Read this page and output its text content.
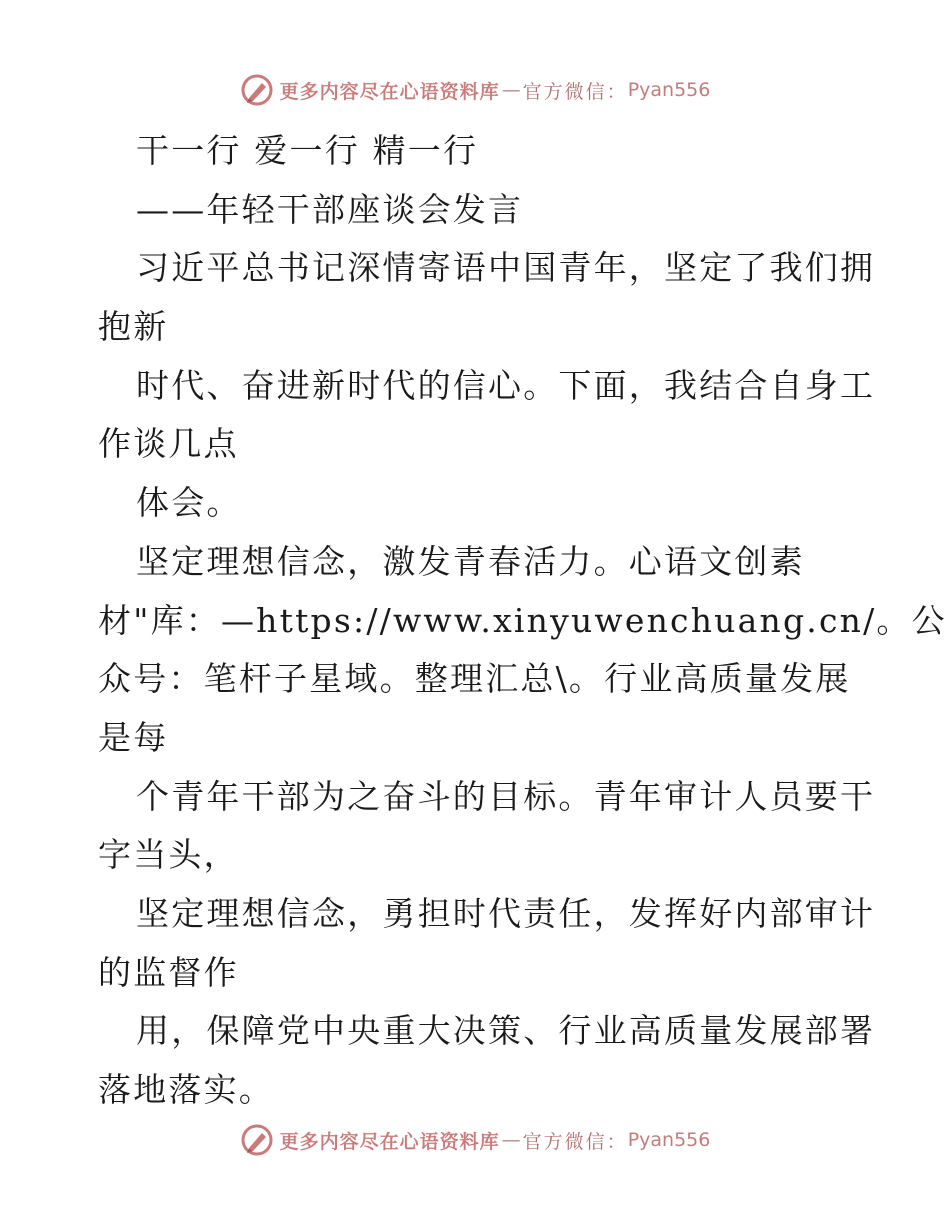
更多内容尽在心语资料库 — 官方微信： Pyan556
干一行 爱一行 精一行
——年轻干部座谈会发言
习近平总书记深情寄语中国青年，坚定了我们拥
抱新
时代、奋进新时代的信心。下面，我结合自身工
作谈几点
体会。
坚定理想信念，激发青春活力。心语文创素
材"库：—https://www.xinyuwenchuang.cn/。公
众号：笔杆子星域。整理汇总\。行业高质量发展
是每
个青年干部为之奋斗的目标。青年审计人员要干
字当头，
坚定理想信念，勇担时代责任，发挥好内部审计
的监督作
用，保障党中央重大决策、行业高质量发展部署
落地落实。
更多内容尽在心语资料库 — 官方微信： Pyan556
